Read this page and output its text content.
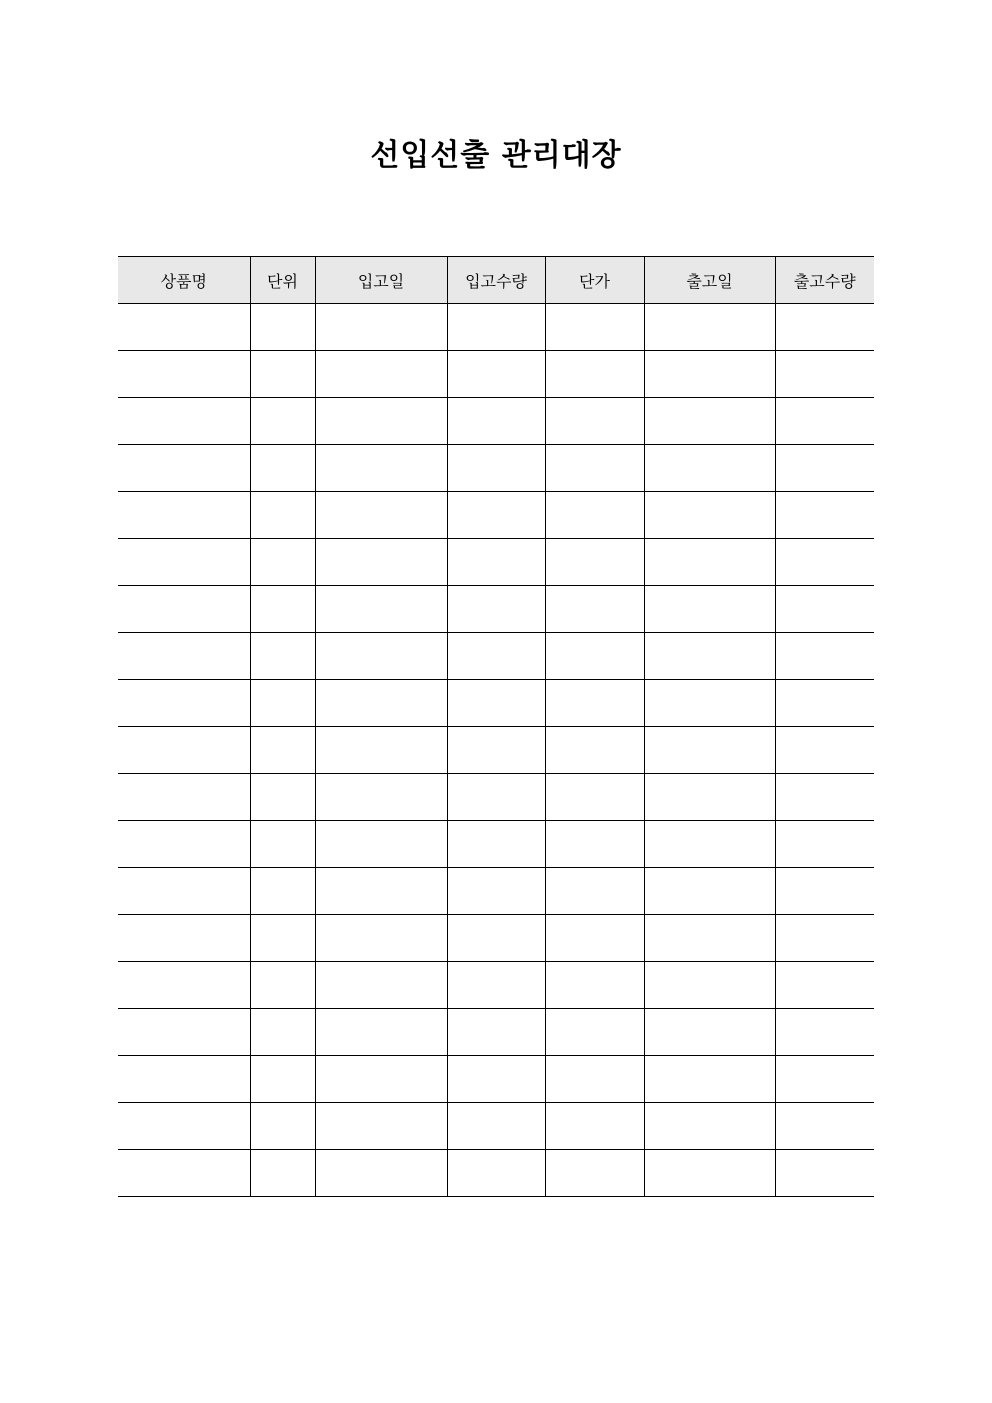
선입선출 관리대장
상품명	단위	입고일	입고수량	단가	출고일	출고수량
